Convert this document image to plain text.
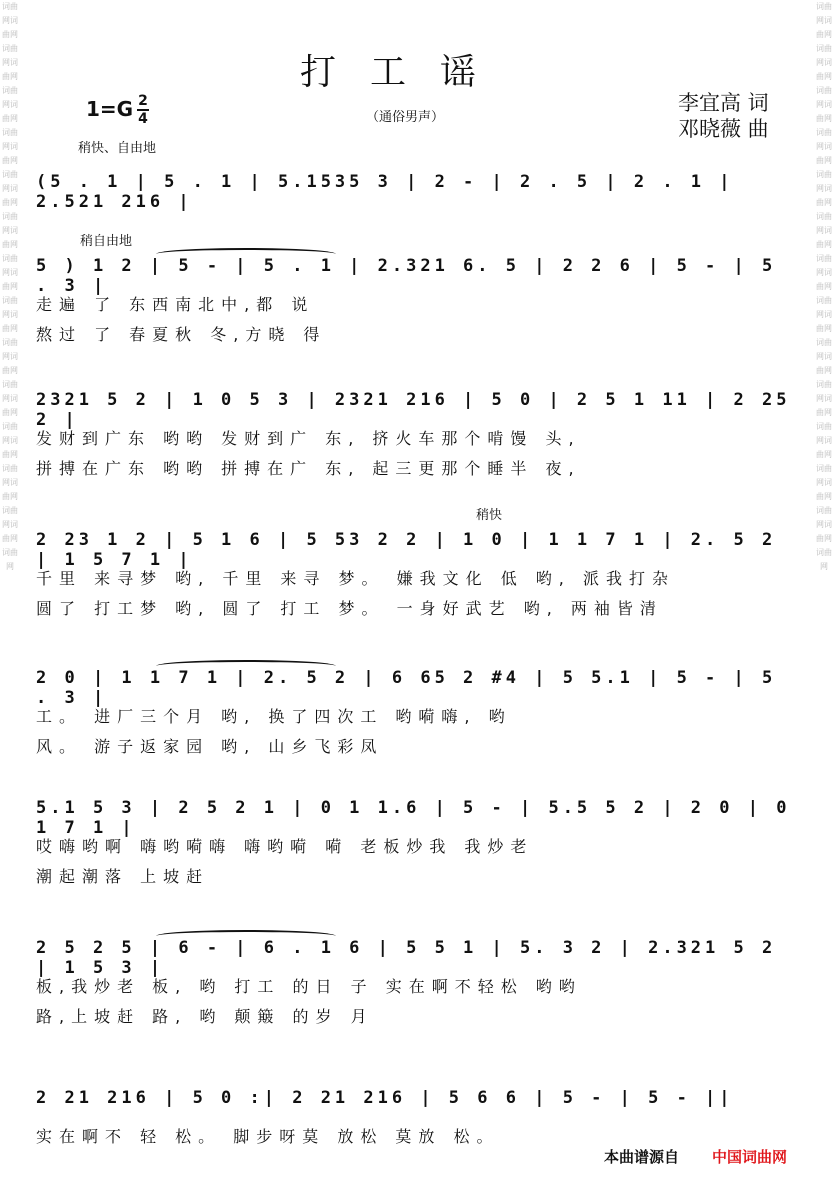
词曲网词曲网词曲网词曲网词曲网词曲网词曲网词曲网词曲网词曲网词曲网词曲网词曲网词曲网词曲网词曲网词曲网词曲网词曲网词曲网词曲网词曲网词曲网词曲网词曲网词曲网词曲网
词曲网词曲网词曲网词曲网词曲网词曲网词曲网词曲网词曲网词曲网词曲网词曲网词曲网词曲网词曲网词曲网词曲网词曲网词曲网词曲网词曲网词曲网词曲网词曲网词曲网词曲网词曲网
打工谣
1=G 2
4	（通俗男声）
李宜高 词
邓晓薇 曲
稍快、自由地
(5 . 1 | 5 . 1 | 5.1535 3 | 2 - | 2 . 5 | 2 . 1 | 2.521 216 |
稍自由地
5 ) 1 2 | 5 - | 5 . 1 | 2.321 6. 5 | 2 2 6 | 5 - | 5 . 3 |
走遍 了 东西南北中,都 说
熬过 了 春夏秋 冬,方晓 得
2321 5 2 | 1 0 5 3 | 2321 216 | 5 0 | 2 5 1 11 | 2 25 2 |
发财到广东 哟哟 发财到广 东, 挤火车那个啃馒 头,
拼搏在广东 哟哟 拼搏在广 东, 起三更那个睡半 夜,
稍快
2 23 1 2 | 5 1 6 | 5 53 2 2 | 1 0 | 1 1 7 1 | 2. 5 2 | 1 5 7 1 |
千里 来寻梦 哟, 千里 来寻 梦。 嫌我文化 低 哟, 派我打杂
圆了 打工梦 哟, 圆了 打工 梦。 一身好武艺 哟, 两袖皆清
2 0 | 1 1 7 1 | 2. 5 2 | 6 65 2 #4 | 5 5.1 | 5 - | 5 . 3 |
工。 进厂三个月 哟, 换了四次工 哟嗬嗨, 哟
风。 游子返家园 哟, 山乡飞彩凤
5.1 5 3 | 2 5 2 1 | 0 1 1.6 | 5 - | 5.5 5 2 | 2 0 | 0 1 7 1 |
哎嗨哟啊 嗨哟嗬嗨 嗨哟嗬 嗬 老板炒我 我炒老
潮起潮落 上坡赶
2 5 2 5 | 6 - | 6 . 1 6 | 5 5 1 | 5. 3 2 | 2.321 5 2 | 1 5 3 |
板,我炒老 板, 哟 打工 的日 子 实在啊不轻松 哟哟
路,上坡赶 路, 哟 颠簸 的岁 月
2 21 216 | 5 0 :| 2 21 216 | 5 6 6 | 5 - | 5 - ||
实在啊不 轻 松。 脚步呀莫 放松 莫放 松。
本曲谱源自 中国词曲网
